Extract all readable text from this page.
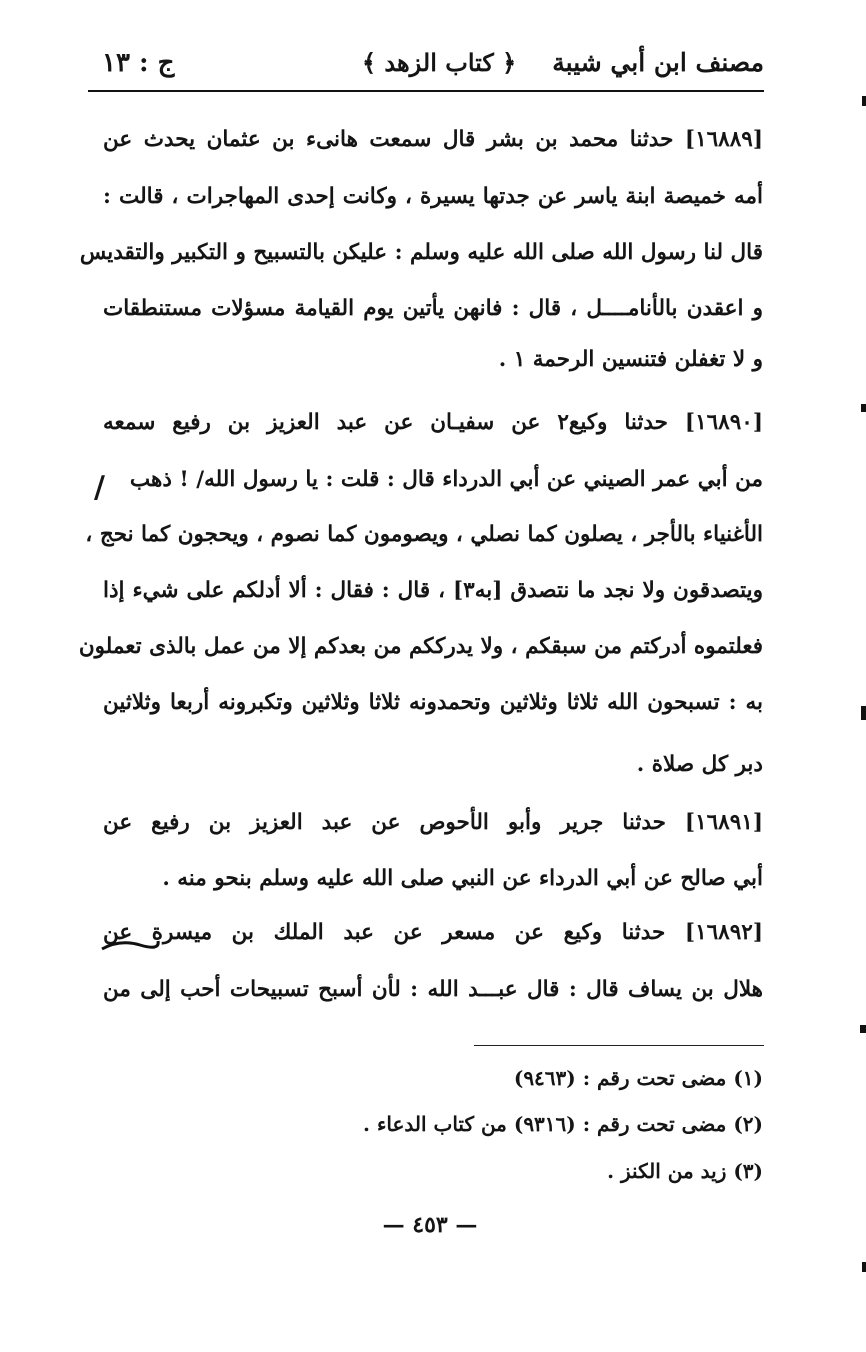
مصنف ابن أبي شيبة
﴿ كتاب الزهد ﴾
ج : ١٣
[١٦٨٨٩] حدثنا محمد بن بشر قال سمعت هانىء بن عثمان يحدث عن
أمه خميصة ابنة ياسر عن جدتها يسيرة ، وكانت إحدى المهاجرات ، قالت :
قال لنا رسول الله صلى الله عليه وسلم : عليكن بالتسبيح و التكبير والتقديس
و اعقدن بالأنامــــل ، قال : فانهن يأتين يوم القيامة مسؤلات مستنطقات
و لا تغفلن فتنسين الرحمة ١ .
[١٦٨٩٠] حدثنا وكيع٢ عن سفيـان عن عبد العزيز بن رفيع سمعه
من أبي عمر الصيني عن أبي الدرداء قال : قلت : يا رسول الله/ ! ذهب
الأغنياء بالأجر ، يصلون كما نصلي ، ويصومون كما نصوم ، ويحجون كما نحج ،
ويتصدقون ولا نجد ما نتصدق [به٣] ، قال : فقال : ألا أدلكم على شيء إذا
فعلتموه أدركتم من سبقكم ، ولا يدرككم من بعدكم إلا من عمل بالذى تعملون
به : تسبحون الله ثلاثا وثلاثين وتحمدونه ثلاثا وثلاثين وتكبرونه أربعا وثلاثين
دبر كل صلاة .
[١٦٨٩١] حدثنا جرير وأبو الأحوص عن عبد العزيز بن رفيع عن
أبي صالح عن أبي الدرداء عن النبي صلى الله عليه وسلم بنحو منه .
[١٦٨٩٢] حدثنا وكيع عن مسعر عن عبد الملك بن ميسرة عن
هلال بن يساف قال : قال عبـــد الله : لأن أسبح تسبيحات أحب إلى من
/
(١) مضى تحت رقم : (٩٤٦٣)
(٢) مضى تحت رقم : (٩٣١٦) من كتاب الدعاء .
(٣) زيد من الكنز .
— ٤٥٣ —
